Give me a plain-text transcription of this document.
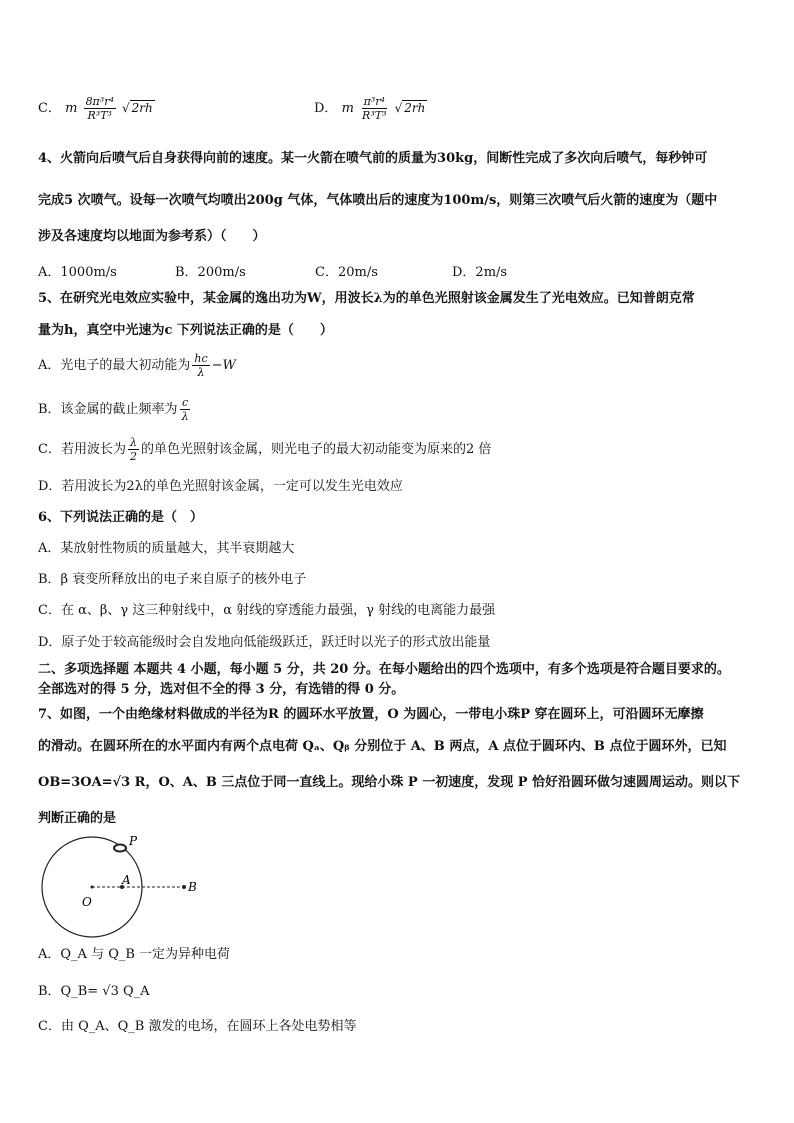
C． m $\frac{\text{8π³r⁴}}{\text{R³T³}}$ √ 2rh	D． m $\frac{\text{π³r⁴}}{\text{R³T³}}$ √ 2rh
4、火箭向后喷气后自身获得向前的速度。某一火箭在喷气前的质量为30kg，间断性完成了多次向后喷气，每秒钟可
完成5 次喷气。设每一次喷气均喷出200g 气体，气体喷出后的速度为100m/s，则第三次喷气后火箭的速度为（题中
涉及各速度均以地面为参考系）（　　）
A．1000m/s	B．200m/s	C．20m/s	D．2m/s
5、在研究光电效应实验中，某金属的逸出功为W，用波长λ为的单色光照射该金属发生了光电效应。已知普朗克常
量为h，真空中光速为c 下列说法正确的是（　　）
A．光电子的最大初动能为 $\frac{hc}{\lambda} -W$
B．该金属的截止频率为 $\frac{c}{\lambda}$
C．若用波长为 $\frac{\lambda}{2}$ 的单色光照射该金属，则光电子的最大初动能变为原来的2 倍
D．若用波长为2λ的单色光照射该金属，一定可以发生光电效应
6、下列说法正确的是（　）
A．某放射性物质的质量越大，其半衰期越大
B．β 衰变所释放出的电子来自原子的核外电子
C．在 α、β、γ 这三种射线中，α 射线的穿透能力最强，γ 射线的电离能力最强
D．原子处于较高能级时会自发地向低能级跃迁，跃迁时以光子的形式放出能量
二、多项选择题 本题共 4 小题，每小题 5 分，共 20 分。在每小题给出的四个选项中，有多个选项是符合题目要求的。
全部选对的得 5 分，选对但不全的得 3 分，有选错的得 0 分。
7、如图，一个由绝缘材料做成的半径为R 的圆环水平放置，O 为圆心，一带电小珠P 穿在圆环上，可沿圆环无摩擦
的滑动。在圆环所在的水平面内有两个点电荷 Qₐ、Qᵦ 分别位于 A、B 两点，A 点位于圆环内、B 点位于圆环外，已知
OB=3OA=√3 R，O、A、B 三点位于同一直线上。现给小珠 P 一初速度，发现 P 恰好沿圆环做匀速圆周运动。则以下
判断正确的是
P
A	B
O
A．Q_A 与 Q_B 一定为异种电荷
B．Q_B= √3 Q_A
C．由 Q_A、Q_B 激发的电场，在圆环上各处电势相等
